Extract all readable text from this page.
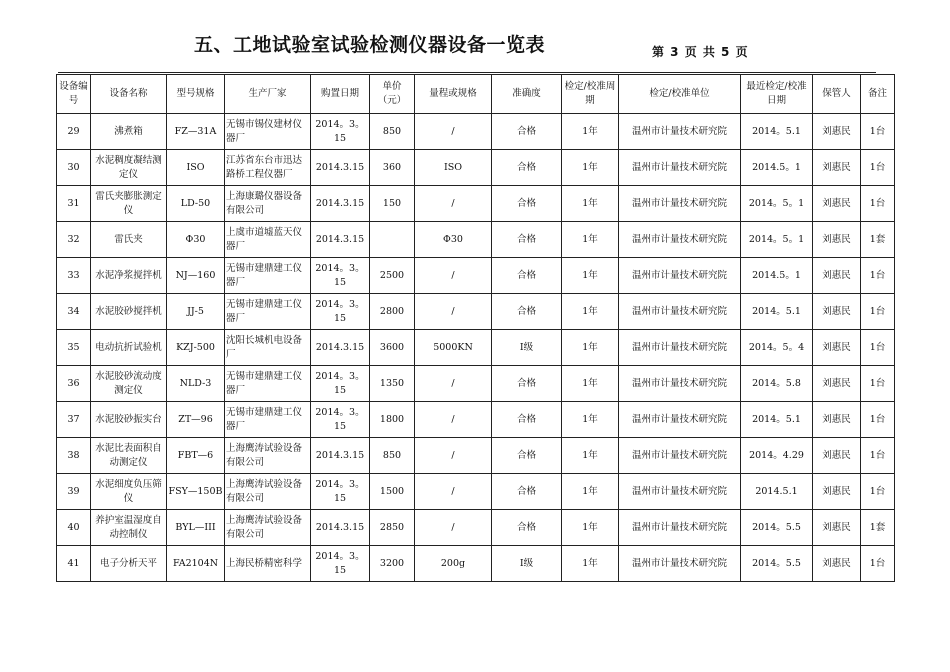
五、工地试验室试验检测仪器设备一览表	第 3 页 共 5 页
设备编号	设备名称	型号规格	生产厂家	购置日期	单价（元）	量程或规格	准确度	检定/校准周期	检定/校准单位	最近检定/校准日期	保管人	备注
29	沸煮箱	FZ—31A	无锡市锡仪建材仪器厂	2014。3。15	850	/	合格	1年	温州市计量技术研究院	2014。5.1	刘惠民	1台
30	水泥稠度凝结测定仪	ISO	江苏省东台市迅达路桥工程仪器厂	2014.3.15	360	ISO	合格	1年	温州市计量技术研究院	2014.5。1	刘惠民	1台
31	雷氏夹膨胀测定仪	LD-50	上海康璐仪器设备有限公司	2014.3.15	150	/	合格	1年	温州市计量技术研究院	2014。5。1	刘惠民	1台
32	雷氏夹	Φ30	上虞市道墟蓝天仪器厂	2014.3.15		Φ30	合格	1年	温州市计量技术研究院	2014。5。1	刘惠民	1套
33	水泥净浆搅拌机	NJ—160	无锡市建鼎建工仪器厂	2014。3。15	2500	/	合格	1年	温州市计量技术研究院	2014.5。1	刘惠民	1台
34	水泥胶砂搅拌机	JJ-5	无锡市建鼎建工仪器厂	2014。3。15	2800	/	合格	1年	温州市计量技术研究院	2014。5.1	刘惠民	1台
35	电动抗折试验机	KZJ-500	沈阳长城机电设备厂	2014.3.15	3600	5000KN	Ⅰ级	1年	温州市计量技术研究院	2014。5。4	刘惠民	1台
36	水泥胶砂流动度测定仪	NLD-3	无锡市建鼎建工仪器厂	2014。3。15	1350	/	合格	1年	温州市计量技术研究院	2014。5.8	刘惠民	1台
37	水泥胶砂振实台	ZT—96	无锡市建鼎建工仪器厂	2014。3。15	1800	/	合格	1年	温州市计量技术研究院	2014。5.1	刘惠民	1台
38	水泥比表面积自动测定仪	FBT—6	上海鹰涛试验设备有限公司	2014.3.15	850	/	合格	1年	温州市计量技术研究院	2014。4.29	刘惠民	1台
39	水泥细度负压筛仪	FSY—150B	上海鹰涛试验设备有限公司	2014。3。15	1500	/	合格	1年	温州市计量技术研究院	2014.5.1	刘惠民	1台
40	养护室温湿度自动控制仪	BYL—III	上海鹰涛试验设备有限公司	2014.3.15	2850	/	合格	1年	温州市计量技术研究院	2014。5.5	刘惠民	1套
41	电子分析天平	FA2104N	上海民桥精密科学	2014。3。15	3200	200g	Ⅰ级	1年	温州市计量技术研究院	2014。5.5	刘惠民	1台
